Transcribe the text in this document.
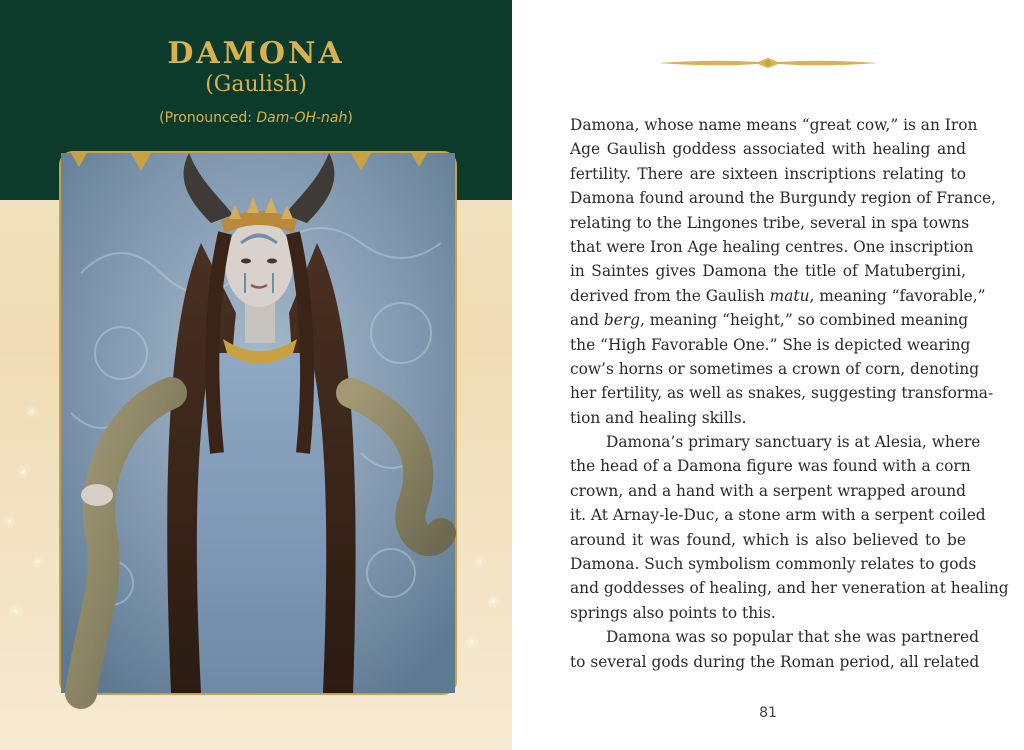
DAMONA
(Gaulish)
(Pronounced: Dam-OH-nah)	Damona, whose name means “great cow,” is an Iron
Age Gaulish goddess associated with healing and
fertility. There are sixteen inscriptions relating to
Damona found around the Burgundy region of France,
relating to the Lingones tribe, several in spa towns
that were Iron Age healing centres. One inscription
in Saintes gives Damona the title of Matubergini,
derived from the Gaulish matu, meaning “favorable,”
and berg, meaning “height,” so combined meaning
the “High Favorable One.” She is depicted wearing
cow’s horns or sometimes a crown of corn, denoting
her fertility, as well as snakes, suggesting transforma-
tion and healing skills.
Damona’s primary sanctuary is at Alesia, where
the head of a Damona figure was found with a corn
crown, and a hand with a serpent wrapped around
it. At Arnay-le-Duc, a stone arm with a serpent coiled
around it was found, which is also believed to be
Damona. Such symbolism commonly relates to gods
and goddesses of healing, and her veneration at healing
springs also points to this.
Damona was so popular that she was partnered
to several gods during the Roman period, all related
81
